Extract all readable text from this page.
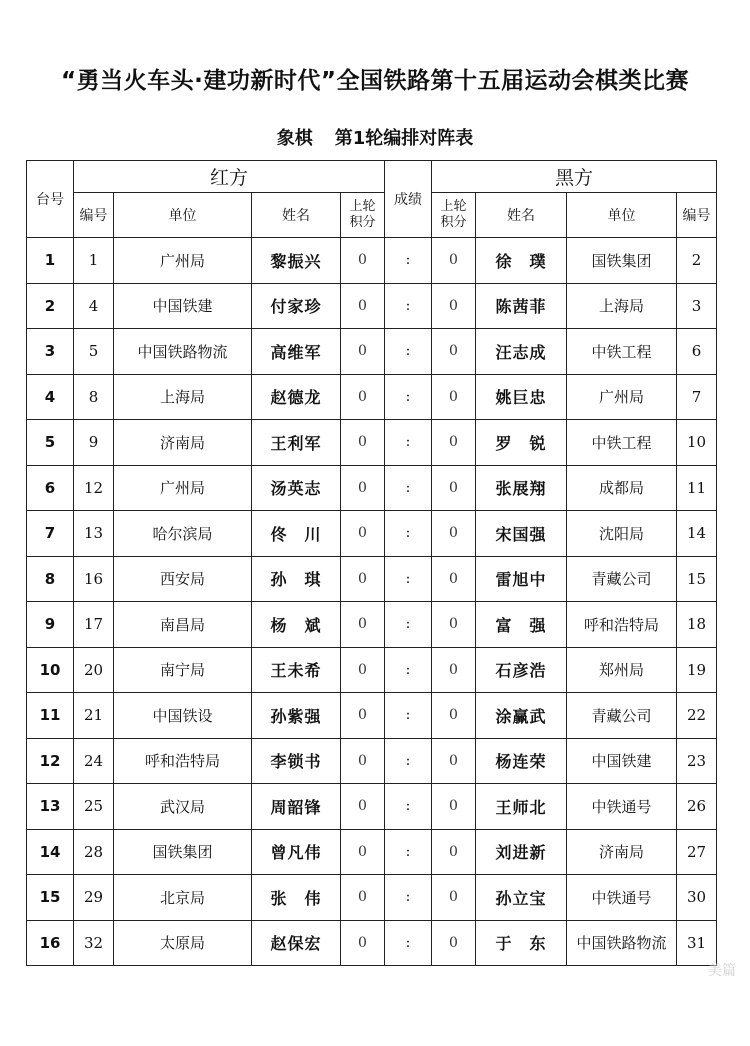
“勇当火车头·建功新时代”全国铁路第十五届运动会棋类比赛
象棋 第1轮编排对阵表
台号	红方				成绩	黑方			
	编号	单位	姓名	上轮积分		上轮积分	姓名	单位	编号
1	1	广州局	黎振兴	0	:	0	徐　璞	国铁集团	2
2	4	中国铁建	付家珍	0	:	0	陈茜菲	上海局	3
3	5	中国铁路物流	高维军	0	:	0	汪志成	中铁工程	6
4	8	上海局	赵德龙	0	:	0	姚巨忠	广州局	7
5	9	济南局	王利军	0	:	0	罗　锐	中铁工程	10
6	12	广州局	汤英志	0	:	0	张展翔	成都局	11
7	13	哈尔滨局	佟　川	0	:	0	宋国强	沈阳局	14
8	16	西安局	孙　琪	0	:	0	雷旭中	青藏公司	15
9	17	南昌局	杨　斌	0	:	0	富　强	呼和浩特局	18
10	20	南宁局	王未希	0	:	0	石彦浩	郑州局	19
11	21	中国铁设	孙紫强	0	:	0	涂赢武	青藏公司	22
12	24	呼和浩特局	李锁书	0	:	0	杨连荣	中国铁建	23
13	25	武汉局	周韶锋	0	:	0	王师北	中铁通号	26
14	28	国铁集团	曾凡伟	0	:	0	刘进新	济南局	27
15	29	北京局	张　伟	0	:	0	孙立宝	中铁通号	30
16	32	太原局	赵保宏	0	:	0	于　东	中国铁路物流	31
美篇
